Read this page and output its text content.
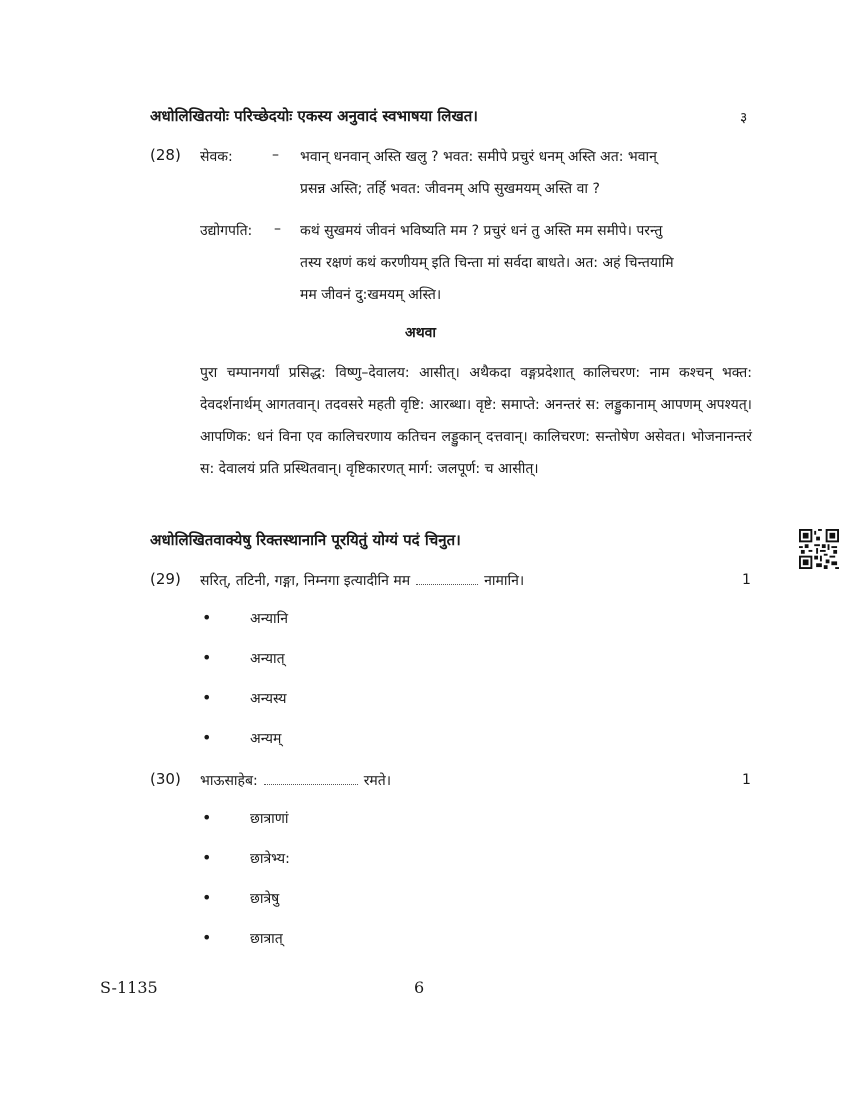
अधोलिखितयोः परिच्छेदयोः एकस्य अनुवादं स्वभाषया लिखत।	३
(28) सेवक:	– भवान् धनवान् अस्ति खलु ? भवत: समीपे प्रचुरं धनम् अस्ति अत: भवान्
प्रसन्न अस्ति; तर्हि भवत: जीवनम् अपि सुखमयम् अस्ति वा ?
उद्योगपति: – कथं सुखमयं जीवनं भविष्यति मम ? प्रचुरं धनं तु अस्ति मम समीपे। परन्तु
तस्य रक्षणं कथं करणीयम् इति चिन्ता मां सर्वदा बाधते। अत: अहं चिन्तयामि
मम जीवनं दु:खमयम् अस्ति।
अथवा
पुरा चम्पानगर्यां प्रसिद्ध: विष्णु–देवालय: आसीत्। अथैकदा वङ्गप्रदेशात् कालिचरण: नाम कश्चन् भक्त: देवदर्शनार्थम् आगतवान्। तदवसरे महती वृष्टि: आरब्धा। वृष्टे: समाप्ते: अनन्तरं स: लड्डुकानाम् आपणम् अपश्यत्। आपणिक: धनं विना एव कालिचरणाय कतिचन लड्डुकान् दत्तवान्। कालिचरण: सन्तोषेण असेवत। भोजनानन्तरं स: देवालयं प्रति प्रस्थितवान्। वृष्टिकारणत् मार्ग: जलपूर्ण: च आसीत्।
अधोलिखितवाक्येषु रिक्तस्थानानि पूरयितुं योग्यं पदं चिनुत।
(29) सरित्, तटिनी, गङ्गा, निम्नगा इत्यादीनि मम	नामानि।	1
•	अन्यानि
•	अन्यात्
•	अन्यस्य
•	अन्यम्
(30) भाऊसाहेब:	रमते।	1
•	छात्राणां
•	छात्रेभ्य:
•	छात्रेषु
•	छात्रात्
S-1135	6
